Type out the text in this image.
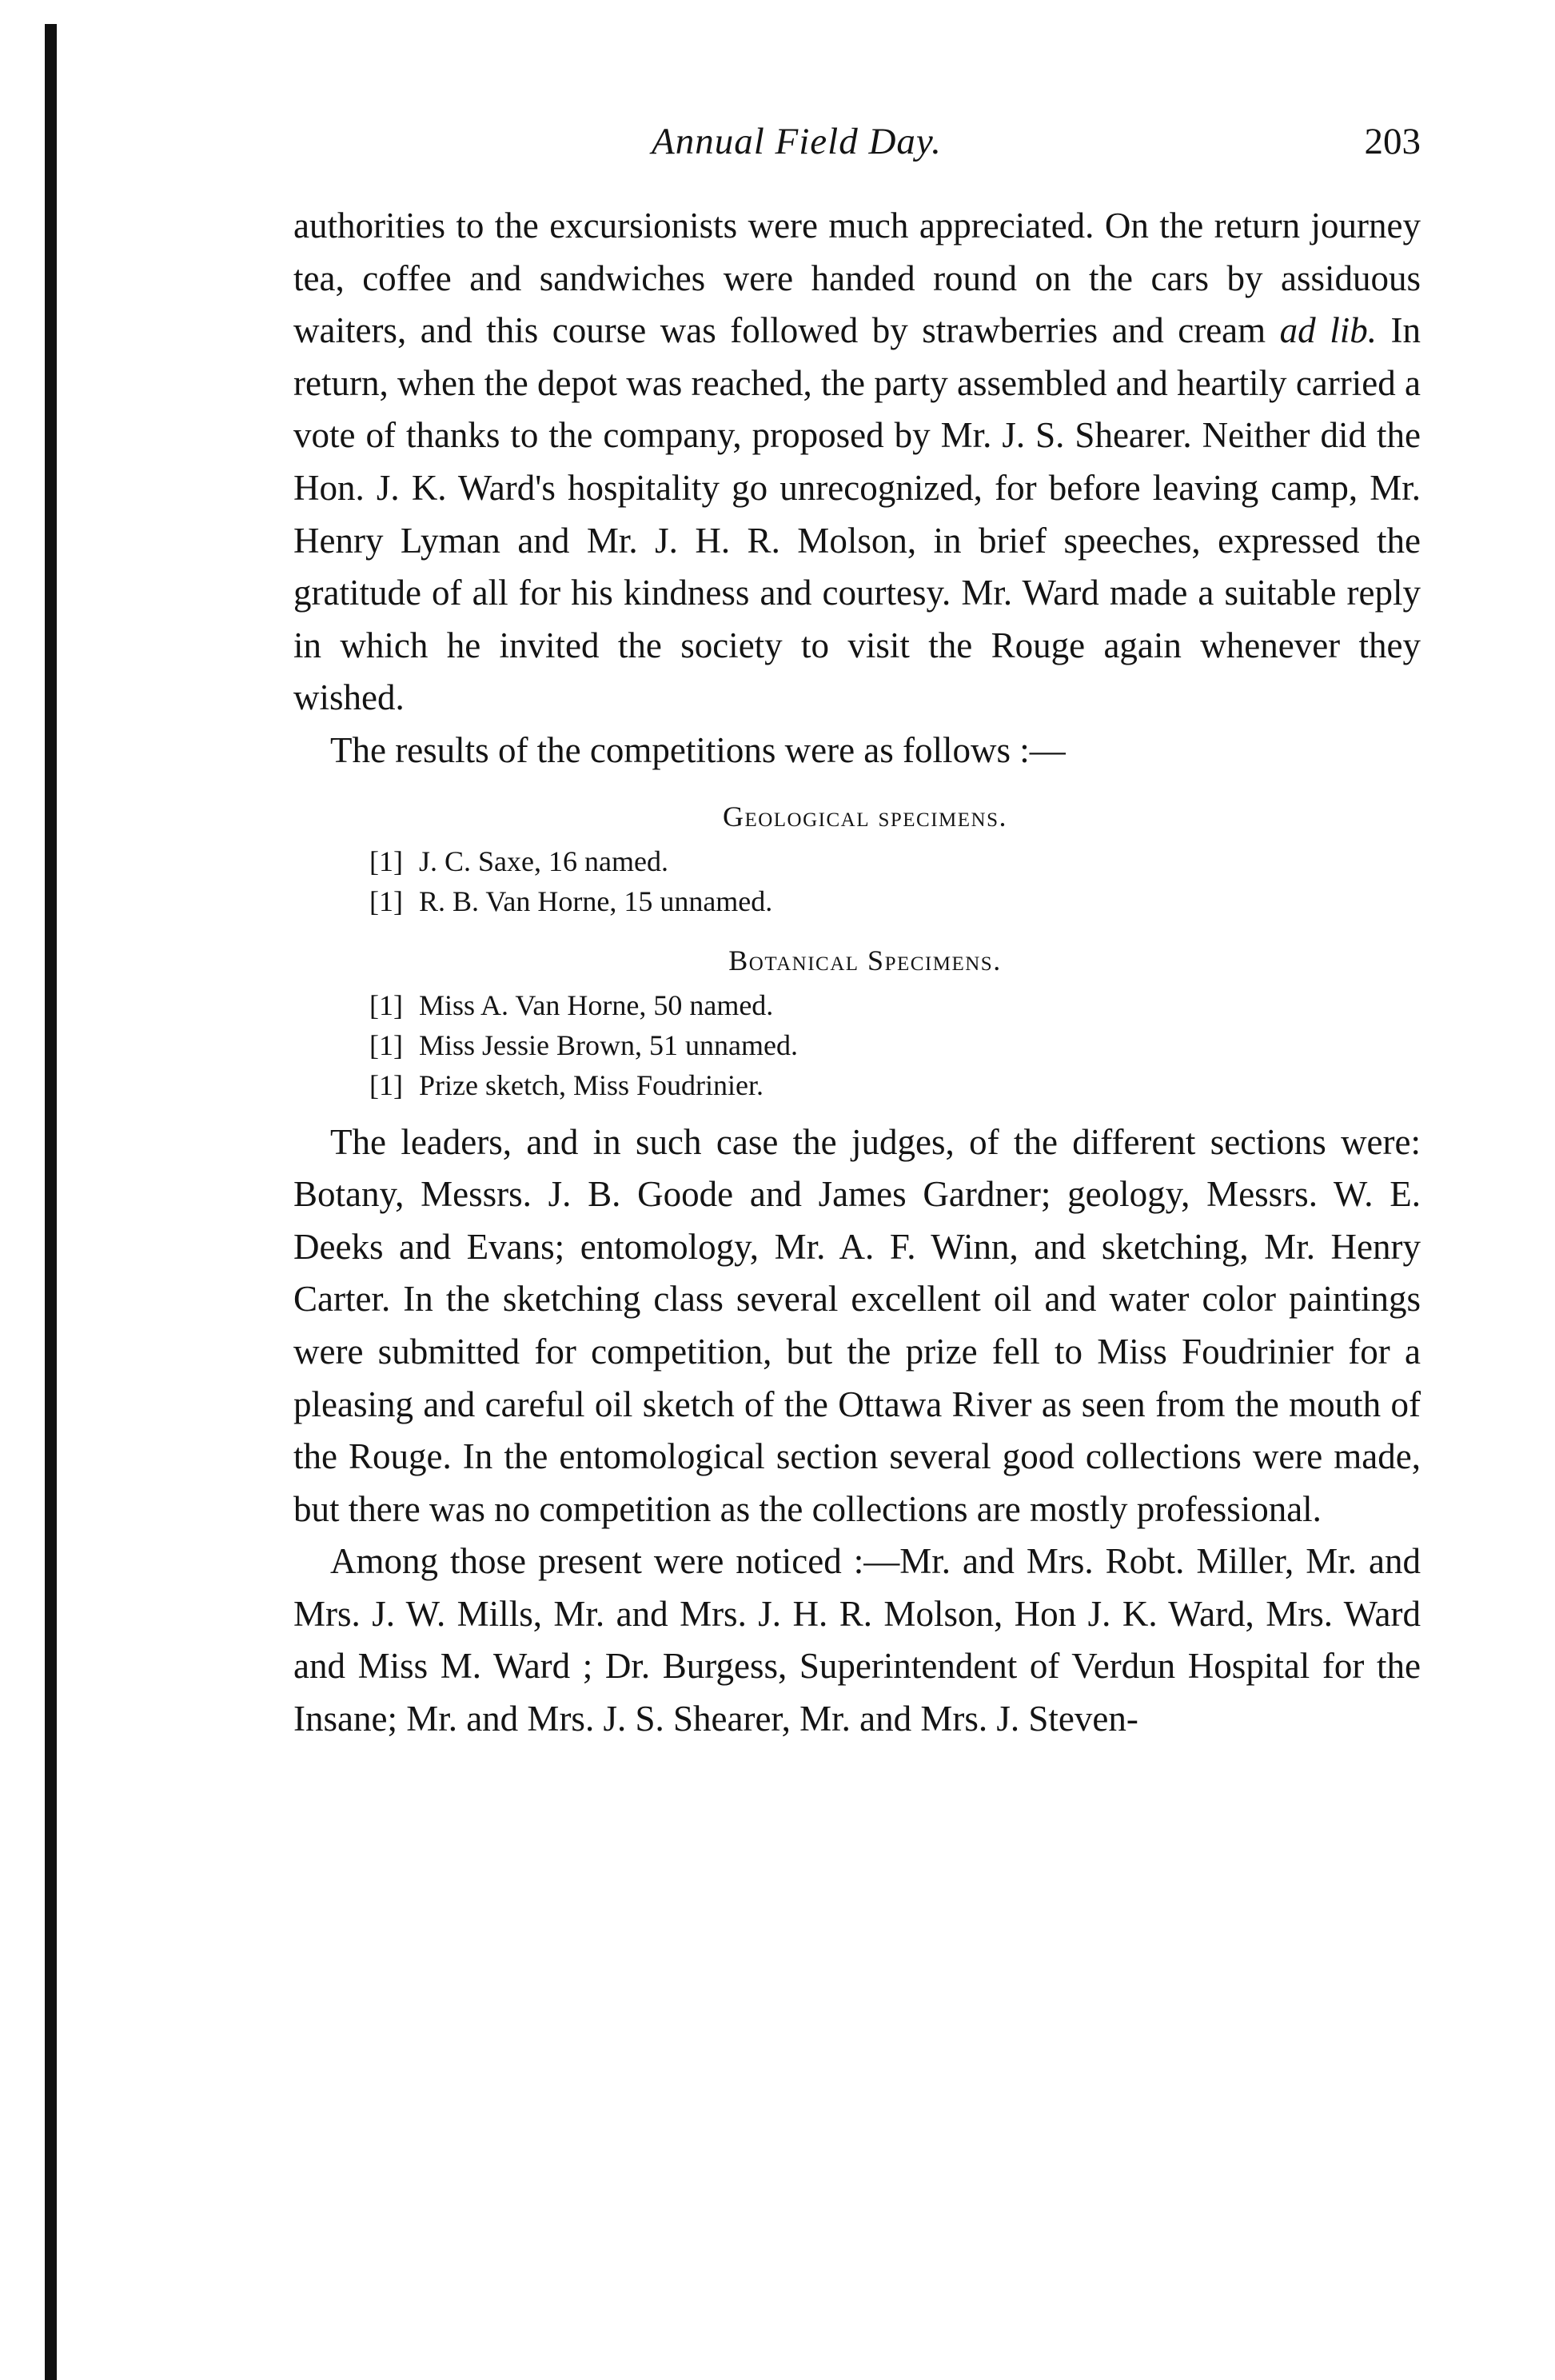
Annual Field Day.	203

authorities to the excursionists were much appreciated. On the return journey tea, coffee and sandwiches were handed round on the cars by assiduous waiters, and this course was followed by strawberries and cream ad lib. In return, when the depot was reached, the party assembled and heartily carried a vote of thanks to the company, proposed by Mr. J. S. Shearer. Neither did the Hon. J. K. Ward's hospitality go unrecognized, for before leaving camp, Mr. Henry Lyman and Mr. J. H. R. Molson, in brief speeches, expressed the gratitude of all for his kindness and courtesy. Mr. Ward made a suitable reply in which he invited the society to visit the Rouge again whenever they wished.

The results of the competitions were as follows :—

Geological specimens.
[1] J. C. Saxe, 16 named.
[1] R. B. Van Horne, 15 unnamed.
Botanical Specimens.
[1] Miss A. Van Horne, 50 named.
[1] Miss Jessie Brown, 51 unnamed.
[1] Prize sketch, Miss Foudrinier.

The leaders, and in such case the judges, of the different sections were: Botany, Messrs. J. B. Goode and James Gardner; geology, Messrs. W. E. Deeks and Evans; entomology, Mr. A. F. Winn, and sketching, Mr. Henry Carter. In the sketching class several excellent oil and water color paintings were submitted for competition, but the prize fell to Miss Foudrinier for a pleasing and careful oil sketch of the Ottawa River as seen from the mouth of the Rouge. In the entomological section several good collections were made, but there was no competition as the collections are mostly professional.

Among those present were noticed :—Mr. and Mrs. Robt. Miller, Mr. and Mrs. J. W. Mills, Mr. and Mrs. J. H. R. Molson, Hon J. K. Ward, Mrs. Ward and Miss M. Ward ; Dr. Burgess, Superintendent of Verdun Hospital for the Insane; Mr. and Mrs. J. S. Shearer, Mr. and Mrs. J. Steven-
